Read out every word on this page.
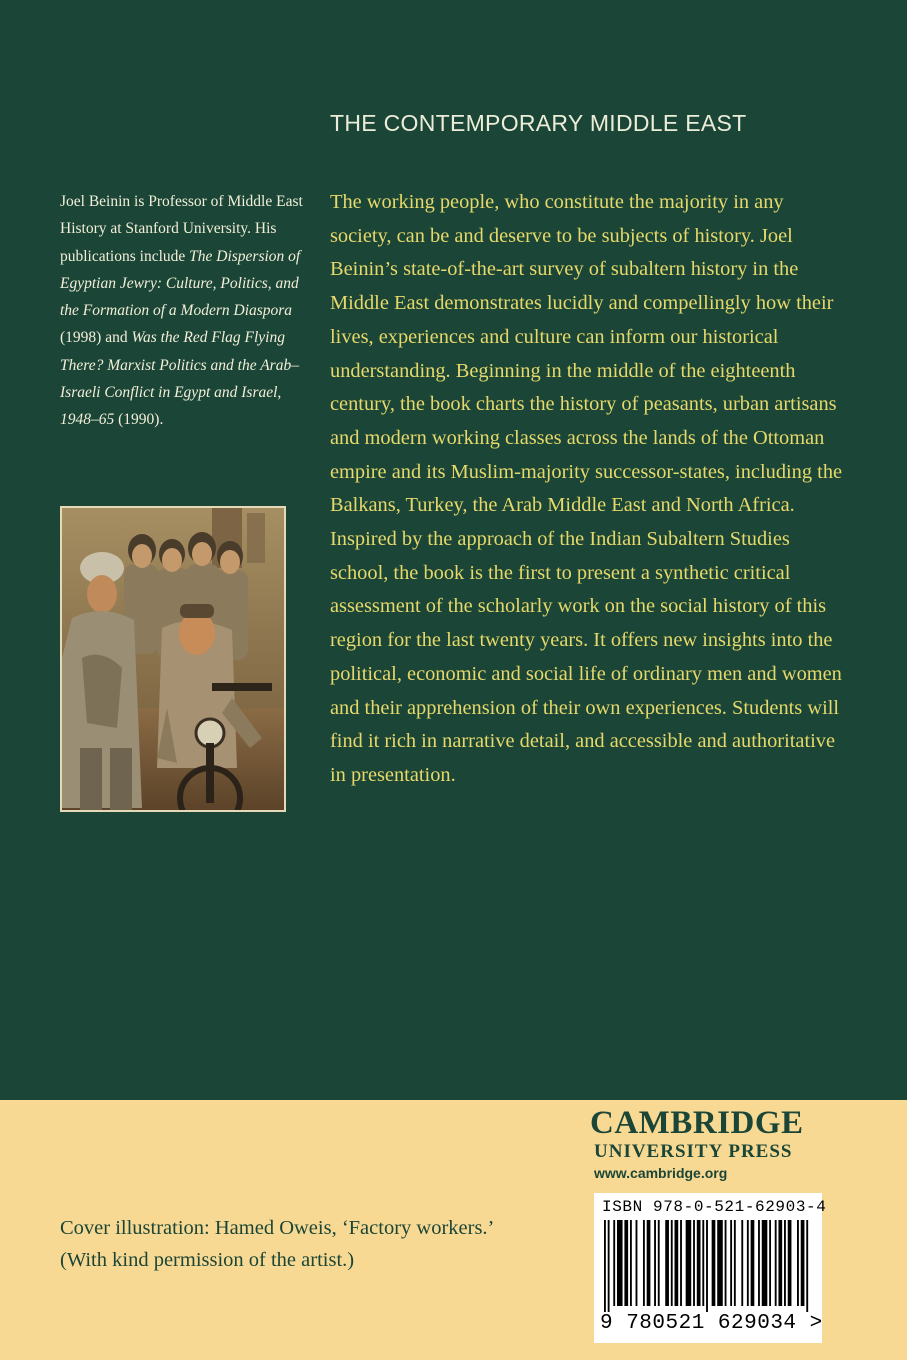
THE CONTEMPORARY MIDDLE EAST

Joel Beinin is Professor of Middle East History at Stanford University. His publications include The Dispersion of Egyptian Jewry: Culture, Politics, and the Formation of a Modern Diaspora (1998) and Was the Red Flag Flying There? Marxist Politics and the Arab–Israeli Conflict in Egypt and Israel, 1948–65 (1990).

The working people, who constitute the majority in any society, can be and deserve to be subjects of history. Joel Beinin’s state-of-the-art survey of subaltern history in the Middle East demonstrates lucidly and compellingly how their lives, experiences and culture can inform our historical understanding. Beginning in the middle of the eighteenth century, the book charts the history of peasants, urban artisans and modern working classes across the lands of the Ottoman empire and its Muslim-majority successor-states, including the Balkans, Turkey, the Arab Middle East and North Africa. Inspired by the approach of the Indian Subaltern Studies school, the book is the first to present a synthetic critical assessment of the scholarly work on the social history of this region for the last twenty years. It offers new insights into the political, economic and social life of ordinary men and women and their apprehension of their own experiences. Students will find it rich in narrative detail, and accessible and authoritative in presentation.

CAMBRIDGE
UNIVERSITY PRESS
www.cambridge.org
ISBN 978-0-521-62903-4
9 780521 629034 >

Cover illustration: Hamed Oweis, ‘Factory workers.’
(With kind permission of the artist.)
